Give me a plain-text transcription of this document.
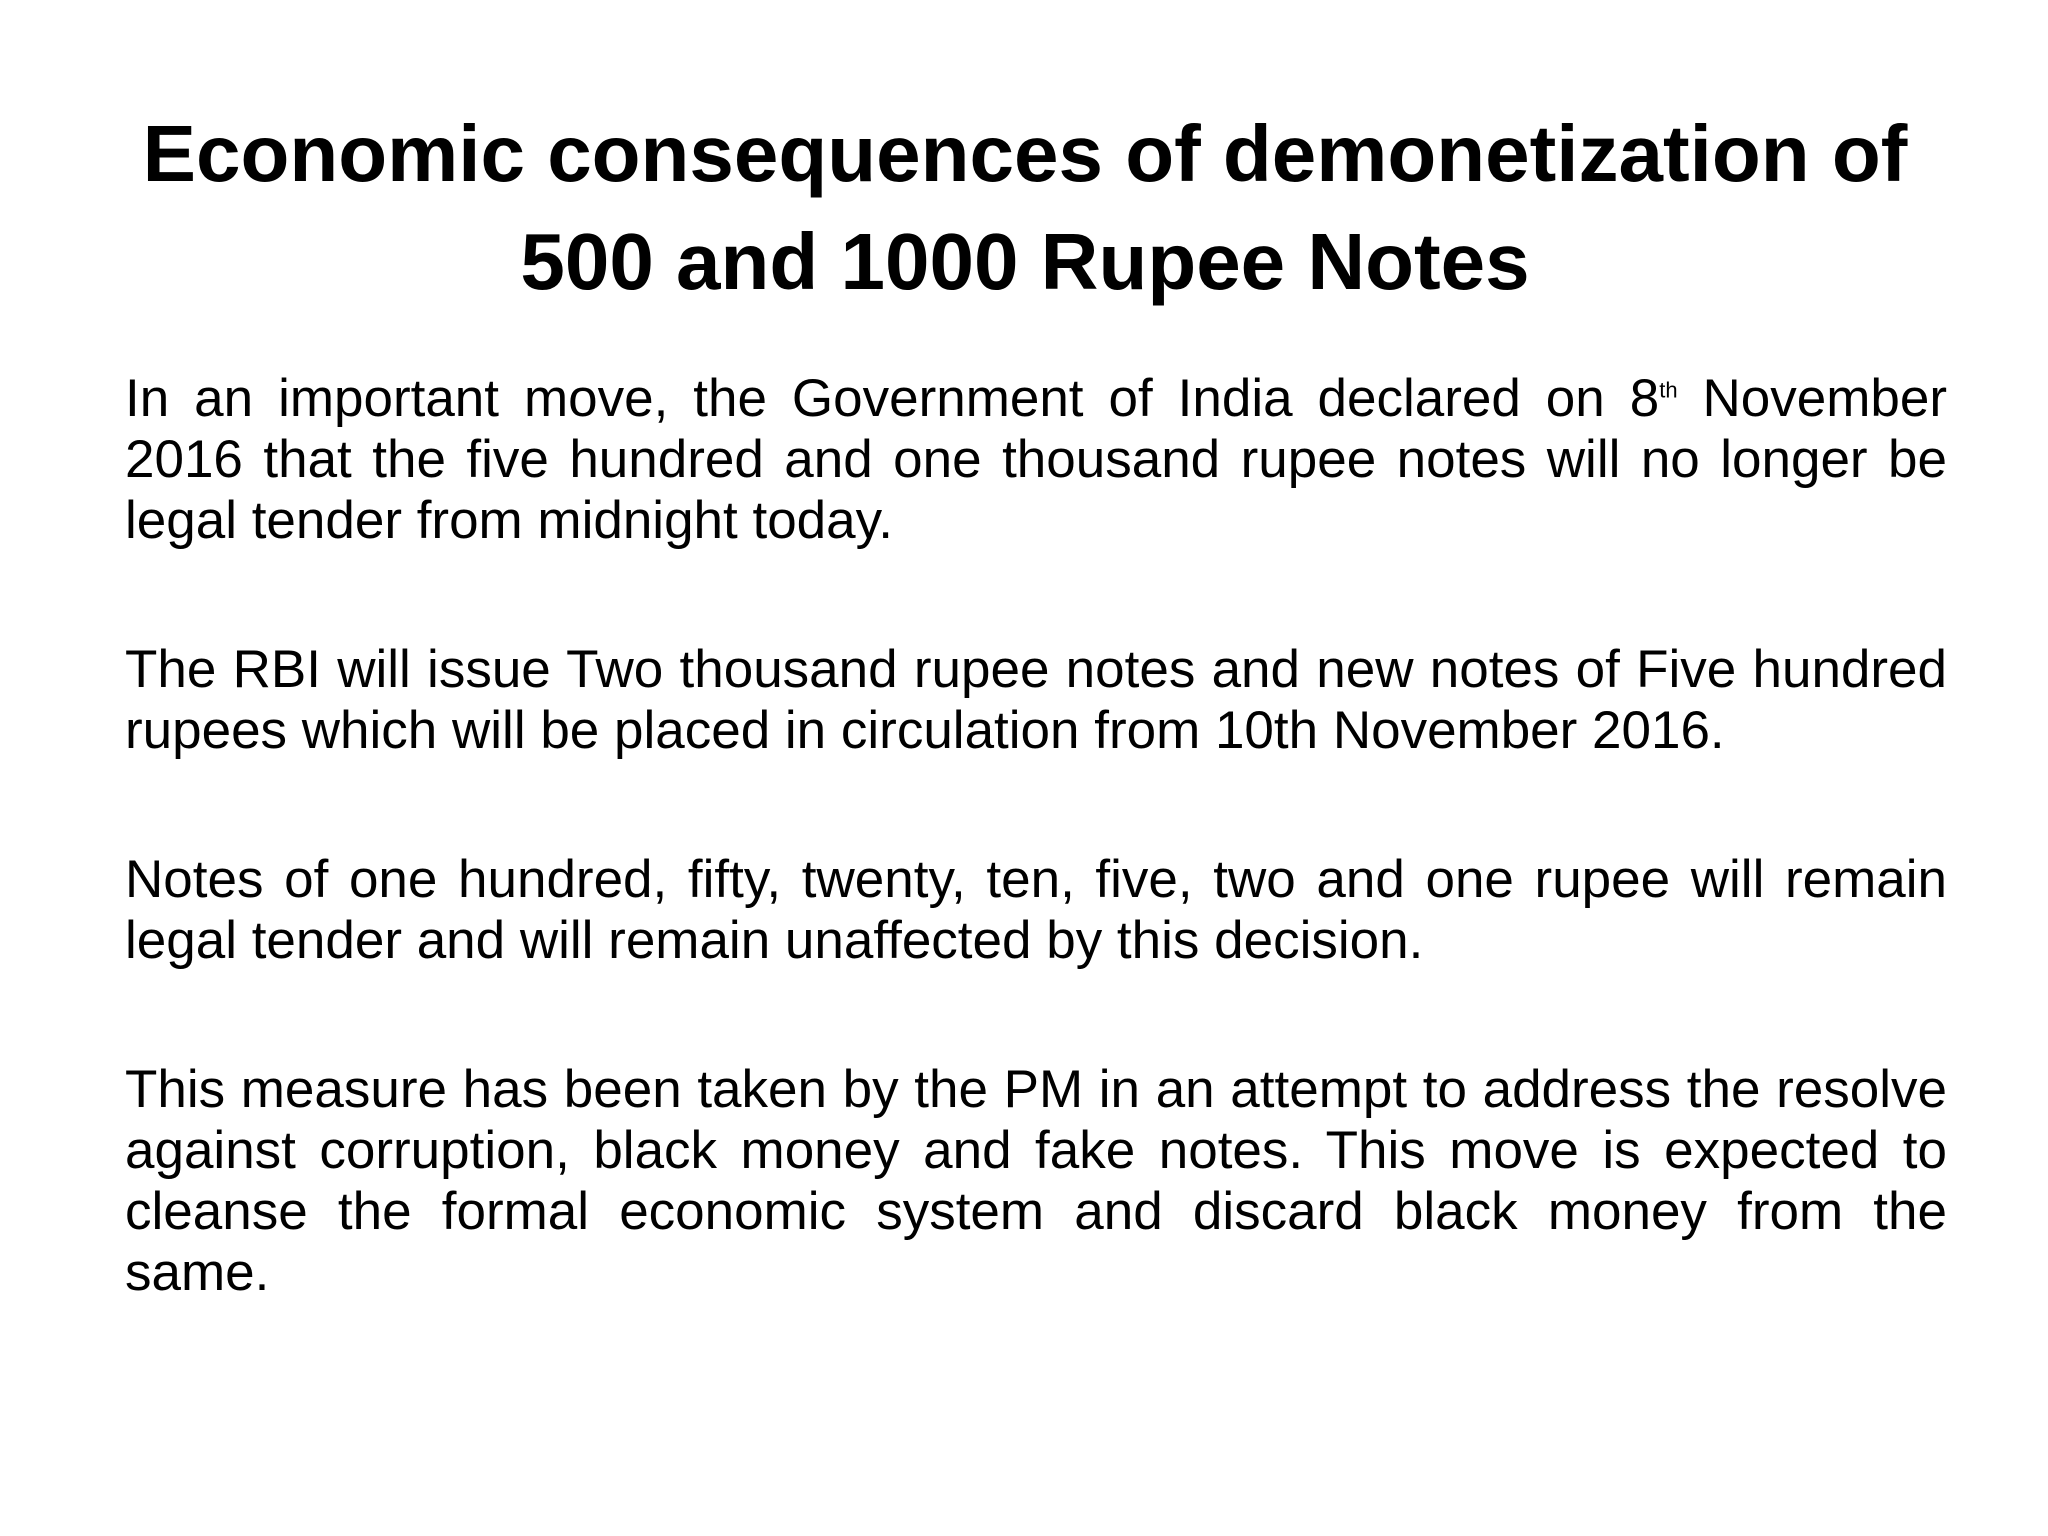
Economic consequences of demonetization of
500 and 1000 Rupee Notes

In an important move, the Government of India declared on 8th November 2016 that the five hundred and one thousand rupee notes will no longer be legal tender from midnight today.

The RBI will issue Two thousand rupee notes and new notes of Five hundred rupees which will be placed in circulation from 10th November 2016.

Notes of one hundred, fifty, twenty, ten, five, two and one rupee will remain legal tender and will remain unaffected by this decision.

This measure has been taken by the PM in an attempt to address the resolve against corruption, black money and fake notes. This move is expected to cleanse the formal economic system and discard black money from the same.
